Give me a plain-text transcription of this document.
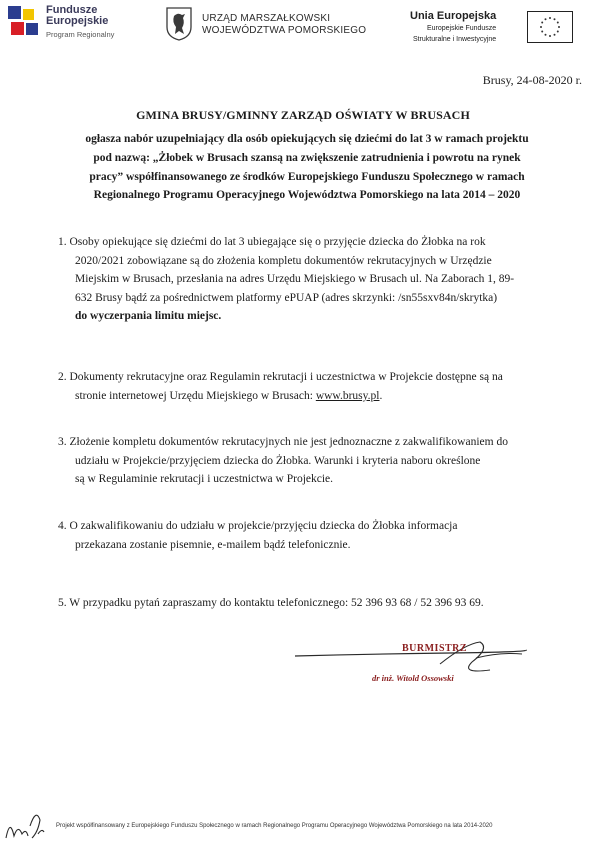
Fundusze
Europejskie
Program Regionalny
URZĄD MARSZAŁKOWSKI
WOJEWÓDZTWA POMORSKIEGO
Unia Europejska
Europejskie Fundusze
Strukturalne i Inwestycyjne
Brusy, 24-08-2020 r.
GMINA BRUSY/GMINNY ZARZĄD OŚWIATY W BRUSACH
ogłasza nabór uzupełniający dla osób opiekujących się dziećmi do lat 3 w ramach projektu
pod nazwą: „Żłobek w Brusach szansą na zwiększenie zatrudnienia i powrotu na rynek
pracy” współfinansowanego ze środków Europejskiego Funduszu Społecznego w ramach
Regionalnego Programu Operacyjnego Województwa Pomorskiego na lata 2014 – 2020
1. Osoby opiekujące się dziećmi do lat 3 ubiegające się o przyjęcie dziecka do Żłobka na rok
2020/2021 zobowiązane są do złożenia kompletu dokumentów rekrutacyjnych w Urzędzie
Miejskim w Brusach, przesłania na adres Urzędu Miejskiego w Brusach ul. Na Zaborach 1, 89-
632 Brusy bądź za pośrednictwem platformy ePUAP (adres skrzynki: /sn55sxv84n/skrytka)
do wyczerpania limitu miejsc.
2. Dokumenty rekrutacyjne oraz Regulamin rekrutacji i uczestnictwa w Projekcie dostępne są na
stronie internetowej Urzędu Miejskiego w Brusach: www.brusy.pl.
3. Złożenie kompletu dokumentów rekrutacyjnych nie jest jednoznaczne z zakwalifikowaniem do
udziału w Projekcie/przyjęciem dziecka do Żłobka. Warunki i kryteria naboru określone
są w Regulaminie rekrutacji i uczestnictwa w Projekcie.
4. O zakwalifikowaniu do udziału w projekcie/przyjęciu dziecka do Żłobka informacja
przekazana zostanie pisemnie, e-mailem bądź telefonicznie.
5. W przypadku pytań zapraszamy do kontaktu telefonicznego: 52 396 93 68 / 52 396 93 69.
BURMISTRZ
dr inż. Witold Ossowski
Projekt współfinansowany z Europejskiego Funduszu Społecznego w ramach Regionalnego Programu Operacyjnego Województwa Pomorskiego na lata 2014-2020
